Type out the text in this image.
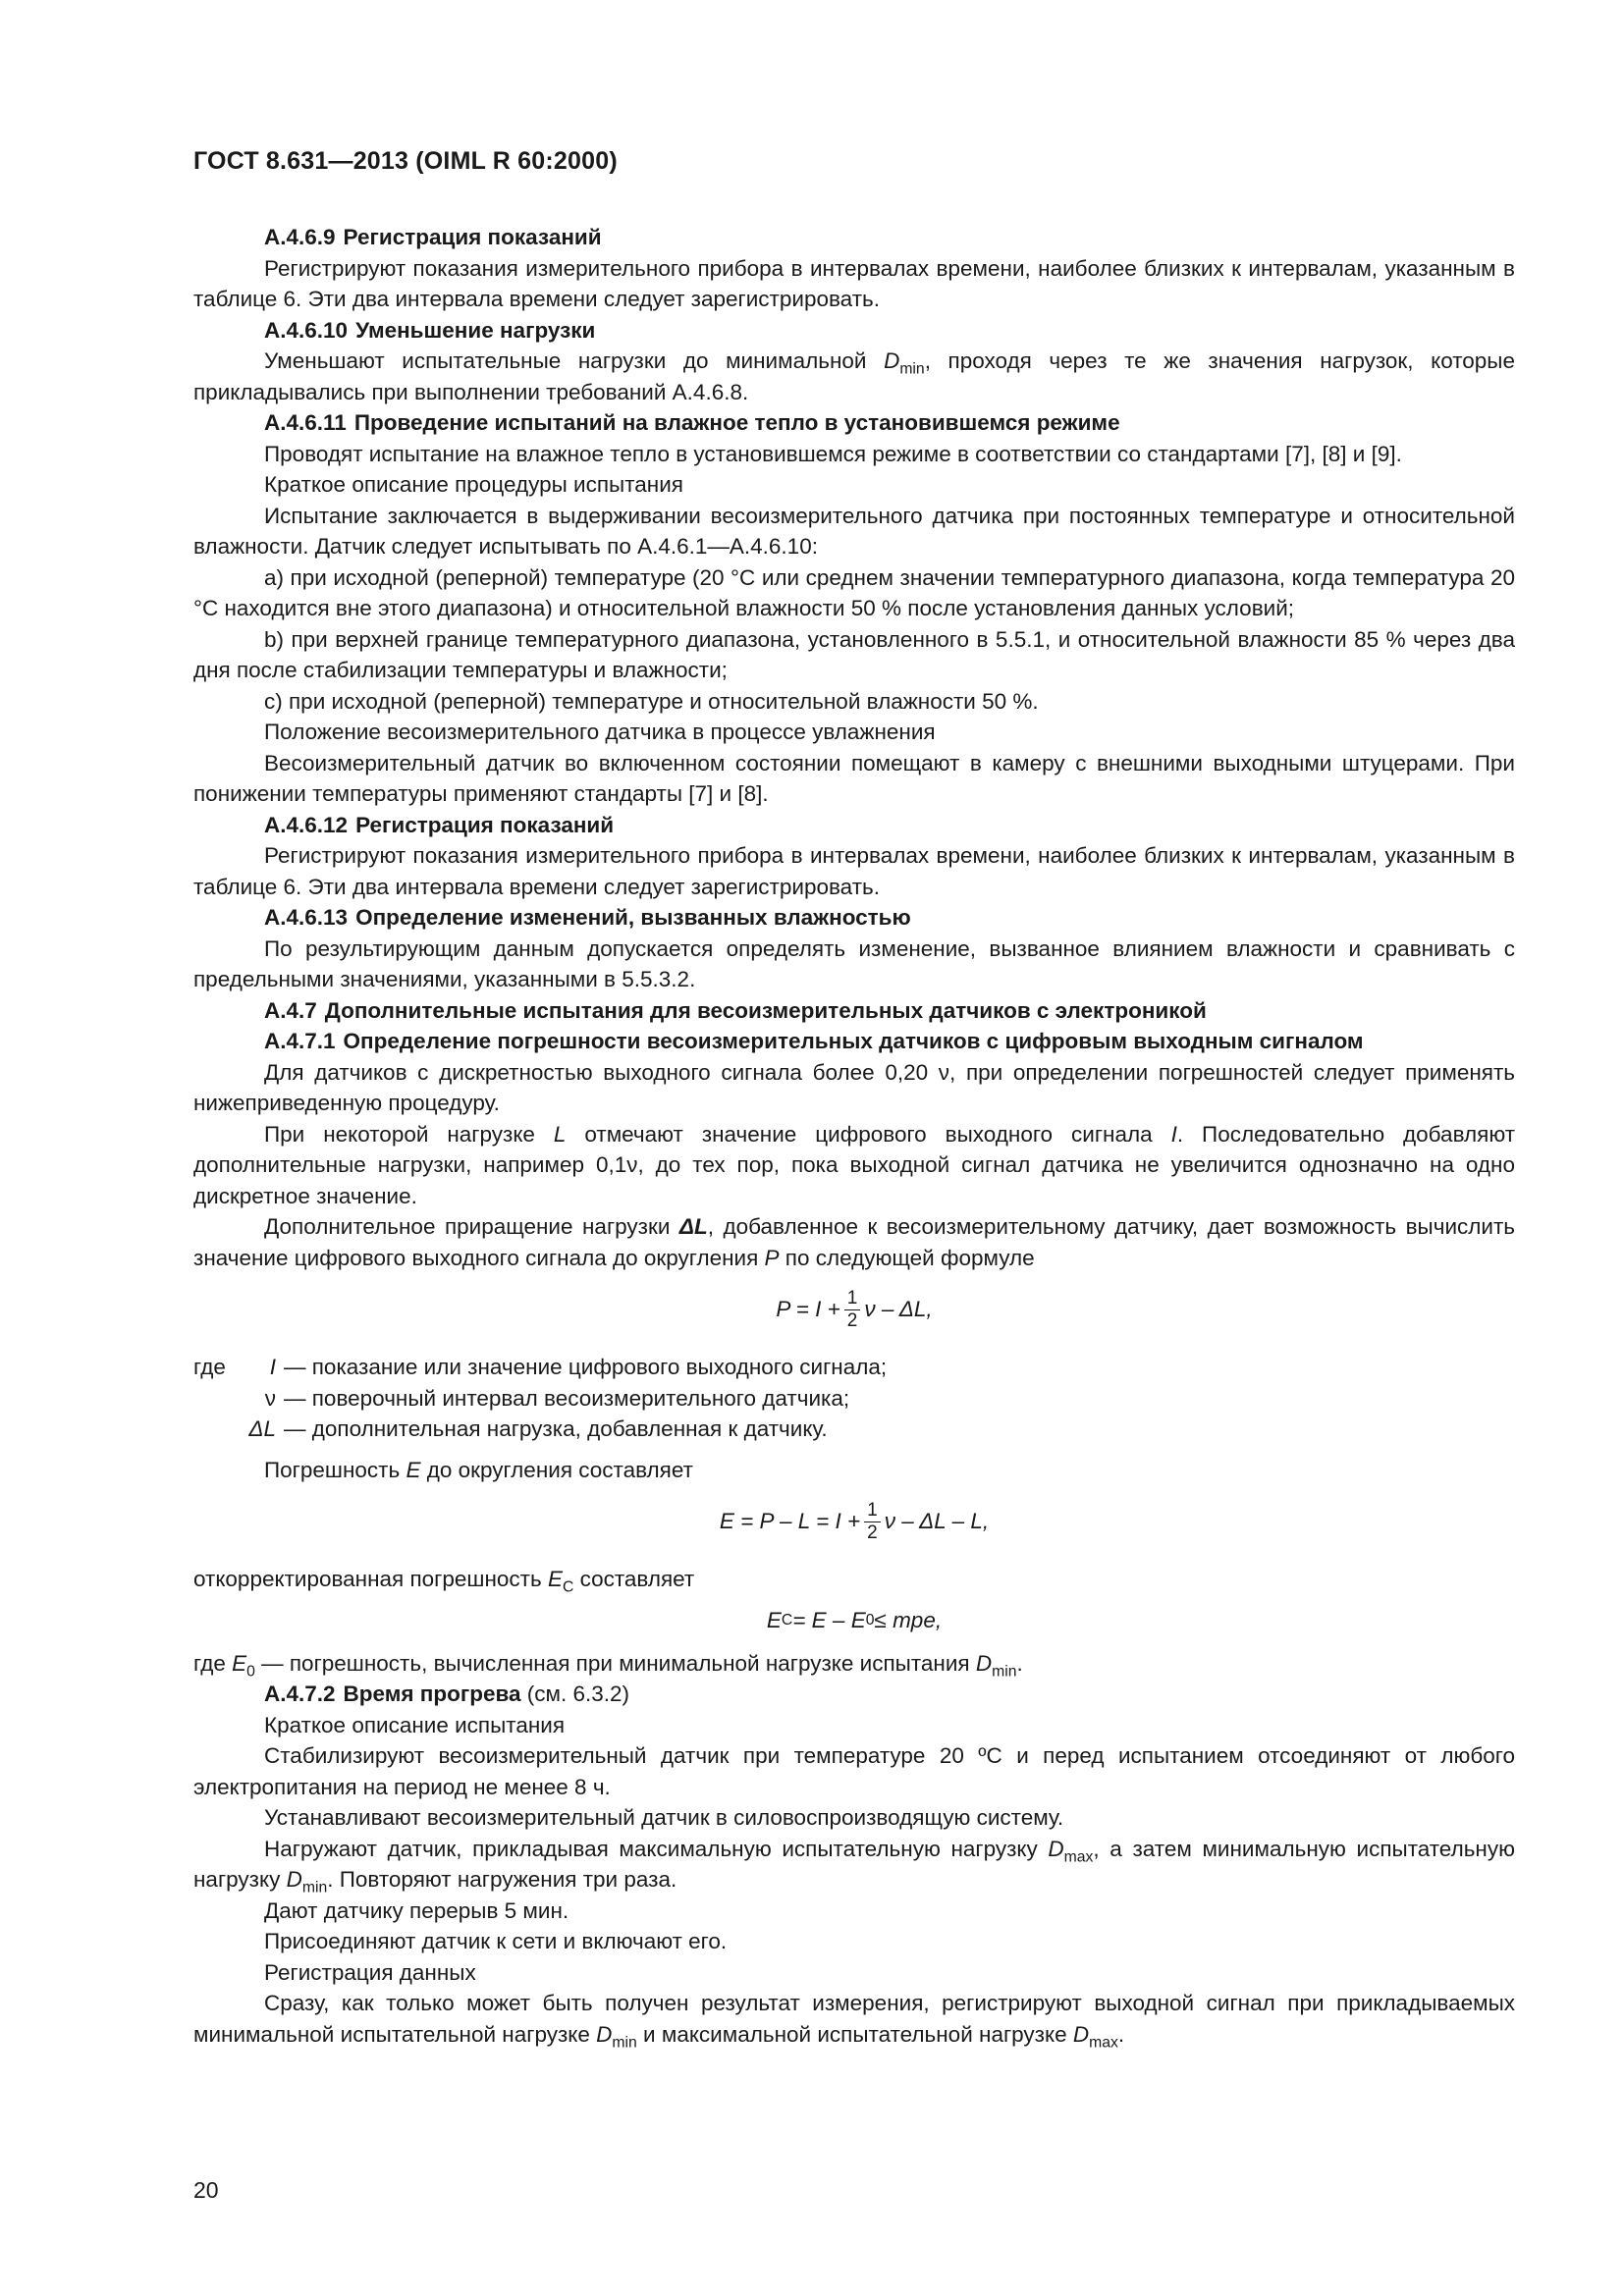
ГОСТ 8.631—2013 (OIML R 60:2000)

А.4.6.9 Регистрация показаний

Регистрируют показания измерительного прибора в интервалах времени, наиболее близких к интервалам, указанным в таблице 6. Эти два интервала времени следует зарегистрировать.

А.4.6.10 Уменьшение нагрузки

Уменьшают испытательные нагрузки до минимальной $D_{min}$, проходя через те же значения нагрузок, которые прикладывались при выполнении требований А.4.6.8.

А.4.6.11 Проведение испытаний на влажное тепло в установившемся режиме

Проводят испытание на влажное тепло в установившемся режиме в соответствии со стандартами [7], [8] и [9].

Краткое описание процедуры испытания

Испытание заключается в выдерживании весоизмерительного датчика при постоянных температуре и относительной влажности. Датчик следует испытывать по А.4.6.1—А.4.6.10:

а) при исходной (реперной) температуре (20 °С или среднем значении температурного диапазона, когда температура 20 °С находится вне этого диапазона) и относительной влажности 50 % после установления данных условий;

b) при верхней границе температурного диапазона, установленного в 5.5.1, и относительной влажности 85 % через два дня после стабилизации температуры и влажности;

с) при исходной (реперной) температуре и относительной влажности 50 %.

Положение весоизмерительного датчика в процессе увлажнения

Весоизмерительный датчик во включенном состоянии помещают в камеру с внешними выходными штуцерами. При понижении температуры применяют стандарты [7] и [8].

А.4.6.12 Регистрация показаний

Регистрируют показания измерительного прибора в интервалах времени, наиболее близких к интервалам, указанным в таблице 6. Эти два интервала времени следует зарегистрировать.

А.4.6.13 Определение изменений, вызванных влажностью

По результирующим данным допускается определять изменение, вызванное влиянием влажности и сравнивать с предельными значениями, указанными в 5.5.3.2.

А.4.7 Дополнительные испытания для весоизмерительных датчиков с электроникой

А.4.7.1 Определение погрешности весоизмерительных датчиков с цифровым выходным сигналом

Для датчиков с дискретностью выходного сигнала более 0,20 ν, при определении погрешностей следует применять нижеприведенную процедуру.

При некоторой нагрузке L отмечают значение цифрового выходного сигнала I. Последовательно добавляют дополнительные нагрузки, например 0,1ν, до тех пор, пока выходной сигнал датчика не увеличится однозначно на одно дискретное значение.

Дополнительное приращение нагрузки ΔL, добавленное к весоизмерительному датчику, дает возможность вычислить значение цифрового выходного сигнала до округления P по следующей формуле

$P = I + \frac{1}{2}$ ν – ΔL,
где	I — показание или значение цифрового выходного сигнала;
ν — поверочный интервал весоизмерительного датчика;
ΔL — дополнительная нагрузка, добавленная к датчику.

Погрешность E до округления составляет

$E = P - L = I + \frac{1}{2}$ ν – ΔL – L,

откорректированная погрешность $E_C$ составляет

E C = E – E 0 ≤ mpe,

где $E_0$ — погрешность, вычисленная при минимальной нагрузке испытания $D_{min}$.

А.4.7.2 Время прогрева (см. 6.3.2)

Краткое описание испытания

Стабилизируют весоизмерительный датчик при температуре 20 ºС и перед испытанием отсоединяют от любого электропитания на период не менее 8 ч.

Устанавливают весоизмерительный датчик в силовоспроизводящую систему.

Нагружают датчик, прикладывая максимальную испытательную нагрузку $D_{max}$, а затем минимальную испытательную нагрузку $D_{min}$. Повторяют нагружения три раза.

Дают датчику перерыв 5 мин.

Присоединяют датчик к сети и включают его.

Регистрация данных

Сразу, как только может быть получен результат измерения, регистрируют выходной сигнал при прикладываемых минимальной испытательной нагрузке $D_{min}$ и максимальной испытательной нагрузке $D_{max}$.

20
